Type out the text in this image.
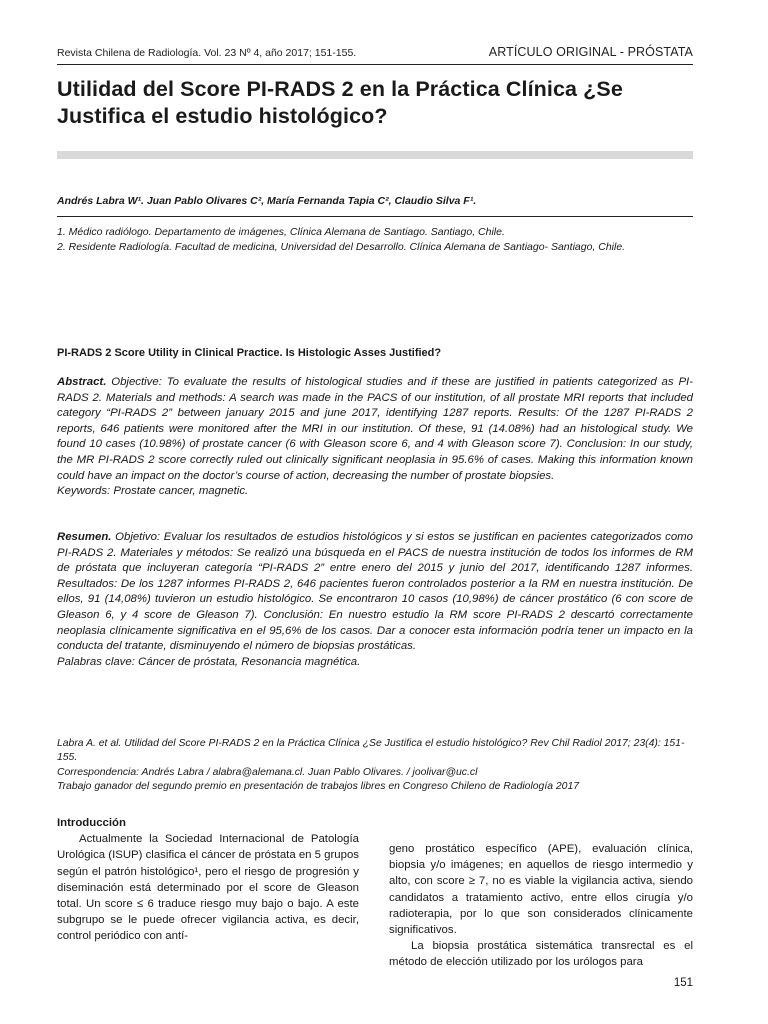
Revista Chilena de Radiología. Vol. 23 Nº 4, año 2017; 151-155.	ARTÍCULO ORIGINAL - PRÓSTATA
Utilidad del Score PI-RADS 2 en la Práctica Clínica ¿Se
Justifica el estudio histológico?
Andrés Labra W¹. Juan Pablo Olivares C², María Fernanda Tapia C², Claudio Silva F¹.
1. Médico radiólogo. Departamento de imágenes, Clínica Alemana de Santiago. Santiago, Chile.
2. Residente Radiología. Facultad de medicina, Universidad del Desarrollo. Clínica Alemana de Santiago- Santiago, Chile.
PI-RADS 2 Score Utility in Clinical Practice. Is Histologic Asses Justified?
Abstract. Objective: To evaluate the results of histological studies and if these are justified in patients categorized as PI-RADS 2. Materials and methods: A search was made in the PACS of our institution, of all prostate MRI reports that included category “PI-RADS 2” between january 2015 and june 2017, identifying 1287 reports. Results: Of the 1287 PI-RADS 2 reports, 646 patients were monitored after the MRI in our institution. Of these, 91 (14.08%) had an histological study. We found 10 cases (10.98%) of prostate cancer (6 with Gleason score 6, and 4 with Gleason score 7). Conclusion: In our study, the MR PI-RADS 2 score correctly ruled out clinically significant neoplasia in 95.6% of cases. Making this information known could have an impact on the doctor’s course of action, decreasing the number of prostate biopsies.
Keywords: Prostate cancer, magnetic.
Resumen. Objetivo: Evaluar los resultados de estudios histológicos y si estos se justifican en pacientes categorizados como PI-RADS 2. Materiales y métodos: Se realizó una búsqueda en el PACS de nuestra institución de todos los informes de RM de próstata que incluyeran categoría “PI-RADS 2” entre enero del 2015 y junio del 2017, identificando 1287 informes. Resultados: De los 1287 informes PI-RADS 2, 646 pacientes fueron controlados posterior a la RM en nuestra institución. De ellos, 91 (14,08%) tuvieron un estudio histológico. Se encontraron 10 casos (10,98%) de cáncer prostático (6 con score de Gleason 6, y 4 score de Gleason 7). Conclusión: En nuestro estudio la RM score PI-RADS 2 descartó correctamente neoplasia clínicamente significativa en el 95,6% de los casos. Dar a conocer esta información podría tener un impacto en la conducta del tratante, disminuyendo el número de biopsias prostáticas.
Palabras clave: Cáncer de próstata, Resonancia magnética.
Labra A. et al. Utilidad del Score PI-RADS 2 en la Práctica Clínica ¿Se Justifica el estudio histológico? Rev Chil Radiol 2017; 23(4): 151-155.
Correspondencia: Andrés Labra / alabra@alemana.cl. Juan Pablo Olivares. / joolivar@uc.cl
Trabajo ganador del segundo premio en presentación de trabajos libres en Congreso Chileno de Radiología 2017
Introducción
Actualmente la Sociedad Internacional de Patología Urológica (ISUP) clasifica el cáncer de próstata en 5 grupos según el patrón histológico¹, pero el riesgo de progresión y diseminación está determinado por el score de Gleason total. Un score ≤ 6 traduce riesgo muy bajo o bajo. A este subgrupo se le puede ofrecer vigilancia activa, es decir, control periódico con antí-
geno prostático específico (APE), evaluación clínica, biopsia y/o imágenes; en aquellos de riesgo intermedio y alto, con score ≥ 7, no es viable la vigilancia activa, siendo candidatos a tratamiento activo, entre ellos cirugía y/o radioterapia, por lo que son considerados clínicamente significativos.
La biopsia prostática sistemática transrectal es el método de elección utilizado por los urólogos para
151
